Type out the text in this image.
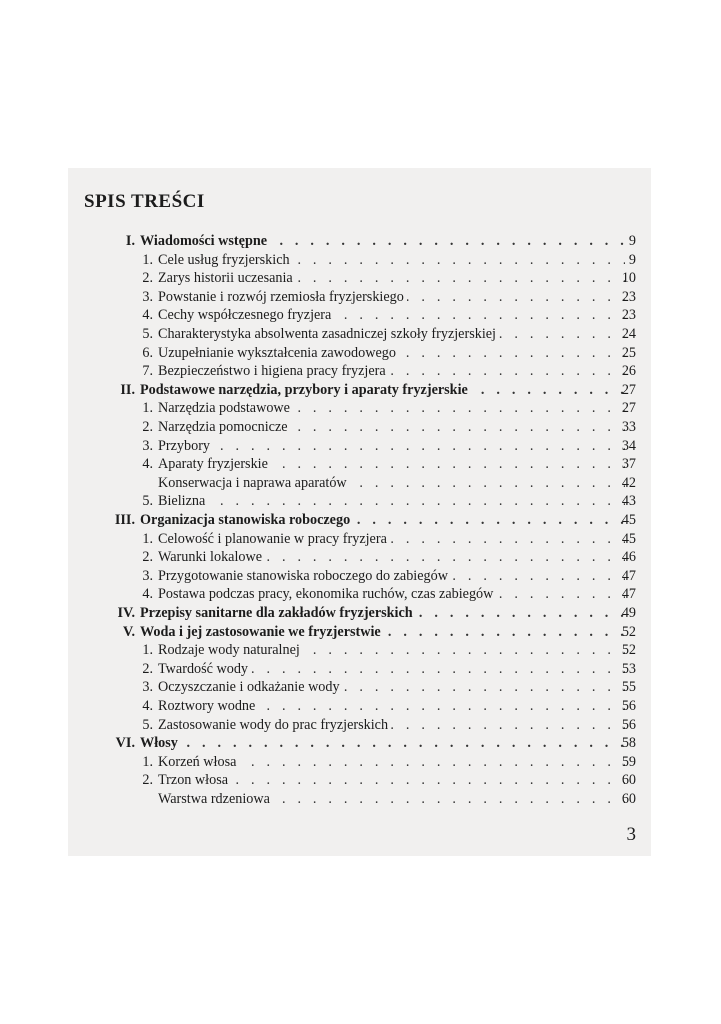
SPIS TREŚCI
I. Wiadomości wstępne . . .	9
1. Cele usług fryzjerskich . . .	9
2. Zarys historii uczesania . . .	10
3. Powstanie i rozwój rzemiosła fryzjerskiego . . .	23
4. Cechy współczesnego fryzjera . . .	23
5. Charakterystyka absolwenta zasadniczej szkoły fryzjerskiej . . .	24
6. Uzupełnianie wykształcenia zawodowego . . .	25
7. Bezpieczeństwo i higiena pracy fryzjera . . .	26
II. Podstawowe narzędzia, przybory i aparaty fryzjerskie . . .	27
1. Narzędzia podstawowe . . .	27
2. Narzędzia pomocnicze . . .	33
3. Przybory . . .	34
4. Aparaty fryzjerskie . . .	37
Konserwacja i naprawa aparatów . . .	42
5. Bielizna . . .	43
III. Organizacja stanowiska roboczego . . .	45
1. Celowość i planowanie w pracy fryzjera . . .	45
2. Warunki lokalowe . . .	46
3. Przygotowanie stanowiska roboczego do zabiegów . . .	47
4. Postawa podczas pracy, ekonomika ruchów, czas zabiegów . . .	47
IV. Przepisy sanitarne dla zakładów fryzjerskich . . .	49
V. Woda i jej zastosowanie we fryzjerstwie . . .	52
1. Rodzaje wody naturalnej . . .	52
2. Twardość wody . . .	53
3. Oczyszczanie i odkażanie wody . . .	55
4. Roztwory wodne . . .	56
5. Zastosowanie wody do prac fryzjerskich . . .	56
VI. Włosy . . .	58
1. Korzeń włosa . . .	59
2. Trzon włosa . . .	60
Warstwa rdzeniowa . . .	60
3
